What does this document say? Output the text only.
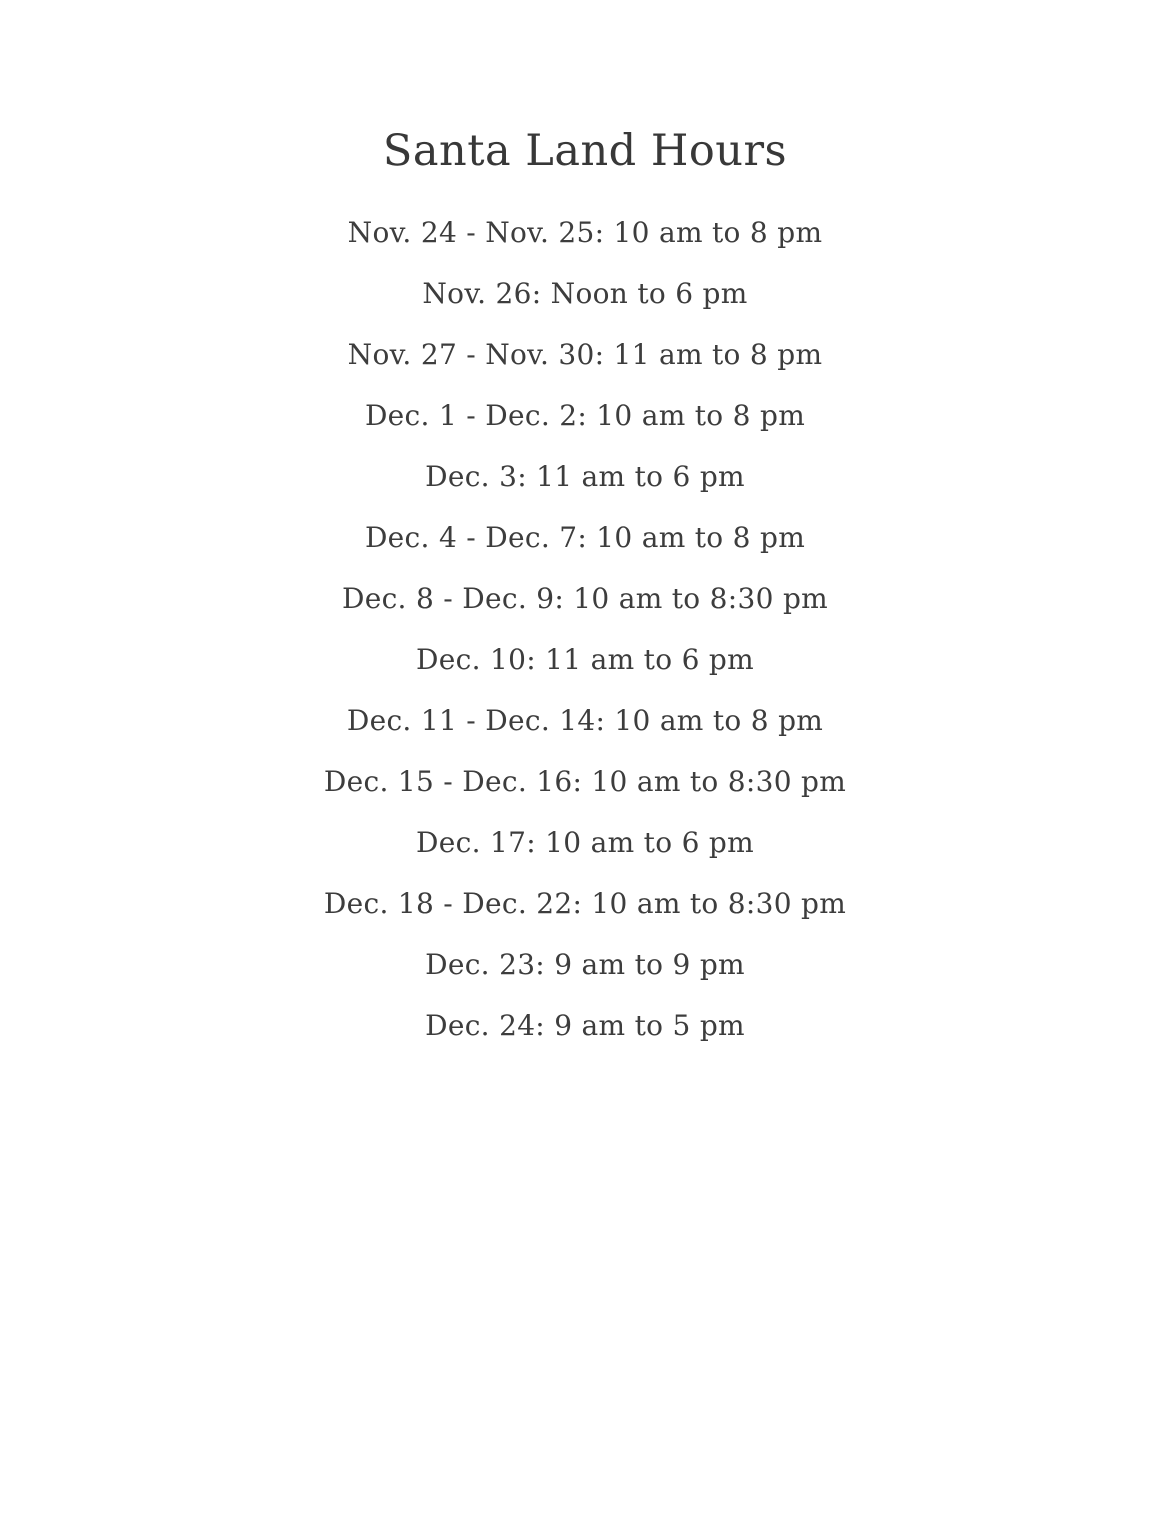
Santa Land Hours
Nov. 24 - Nov. 25: 10 am to 8 pm
Nov. 26: Noon to 6 pm
Nov. 27 - Nov. 30: 11 am to 8 pm
Dec. 1 - Dec. 2: 10 am to 8 pm
Dec. 3: 11 am to 6 pm
Dec. 4 - Dec. 7: 10 am to 8 pm
Dec. 8 - Dec. 9: 10 am to 8:30 pm
Dec. 10: 11 am to 6 pm
Dec. 11 - Dec. 14: 10 am to 8 pm
Dec. 15 - Dec. 16: 10 am to 8:30 pm
Dec. 17: 10 am to 6 pm
Dec. 18 - Dec. 22: 10 am to 8:30 pm
Dec. 23: 9 am to 9 pm
Dec. 24: 9 am to 5 pm
